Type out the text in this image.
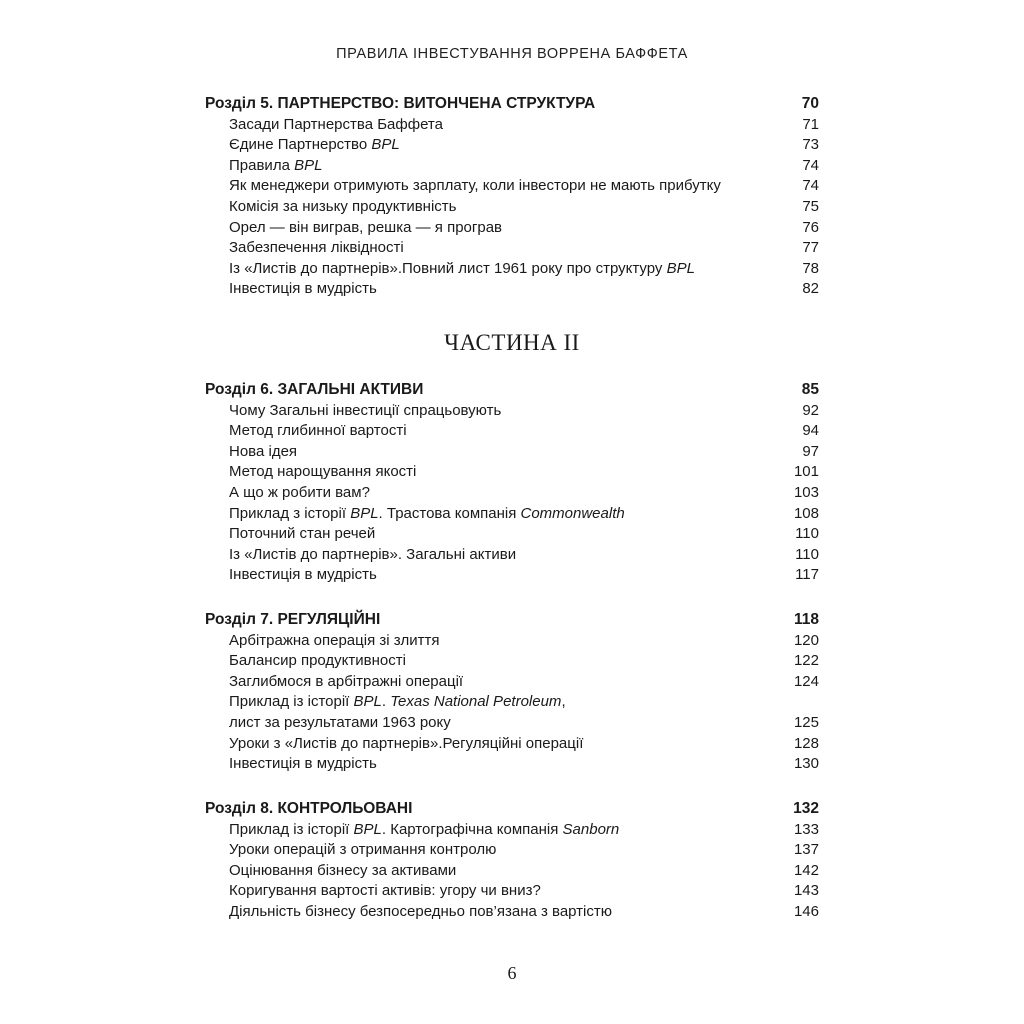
ПРАВИЛА ІНВЕСТУВАННЯ ВОРРЕНА БАФФЕТА
Розділ 5. ПАРТНЕРСТВО: ВИТОНЧЕНА СТРУКТУРА	70
Засади Партнерства Баффета	71
Єдине Партнерство BPL	73
Правила BPL	74
Як менеджери отримують зарплату, коли інвестори не мають прибутку	74
Комісія за низьку продуктивність	75
Орел — він виграв, решка — я програв	76
Забезпечення ліквідності	77
Із «Листів до партнерів».Повний лист 1961 року про структуру BPL	78
Інвестиція в мудрість	82
ЧАСТИНА ІІ
Розділ 6. ЗАГАЛЬНІ АКТИВИ	85
Чому Загальні інвестиції спрацьовують	92
Метод глибинної вартості	94
Нова ідея	97
Метод нарощування якості	101
А що ж робити вам?	103
Приклад з історії BPL. Трастова компанія Commonwealth	108
Поточний стан речей	110
Із «Листів до партнерів». Загальні активи	110
Інвестиція в мудрість	117
Розділ 7. РЕГУЛЯЦІЙНІ	118
Арбітражна операція зі злиття	120
Балансир продуктивності	122
Заглибмося в арбітражні операції	124
Приклад із історії BPL. Texas National Petroleum,
лист за результатами 1963 року	125
Уроки з «Листів до партнерів».Регуляційні операції	128
Інвестиція в мудрість	130
Розділ 8. КОНТРОЛЬОВАНІ	132
Приклад із історії BPL. Картографічна компанія Sanborn	133
Уроки операцій з отримання контролю	137
Оцінювання бізнесу за активами	142
Коригування вартості активів: угору чи вниз?	143
Діяльність бізнесу безпосередньо пов’язана з вартістю	146
6
